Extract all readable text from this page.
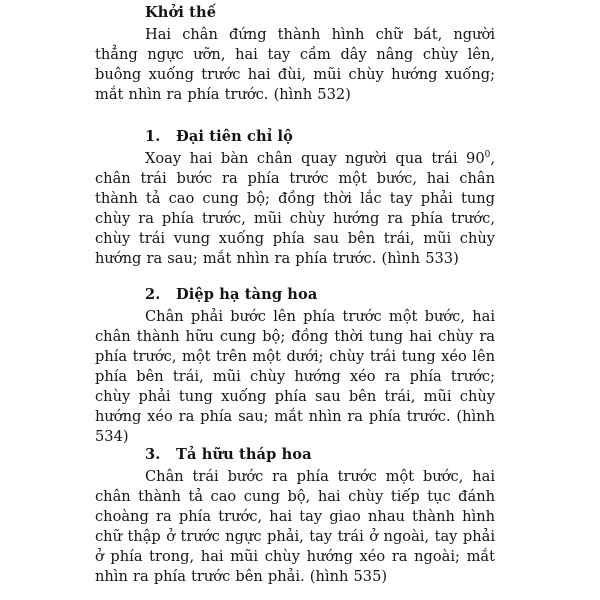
Khởi thế

Hai chân đứng thành hình chữ bát, người thẳng ngực ưỡn, hai tay cầm dây nâng chùy lên, buông xuống trước hai đùi, mũi chùy hướng xuống; mắt nhìn ra phía trước. (hình 532)

1. Đại tiên chỉ lộ

Xoay hai bàn chân quay người qua trái $90^0$, chân trái bước ra phía trước một bước, hai chân thành tả cao cung bộ; đồng thời lắc tay phải tung chùy ra phía trước, mũi chùy hướng ra phía trước, chùy trái vung xuống phía sau bên trái, mũi chùy hướng ra sau; mắt nhìn ra phía trước. (hình 533)

2. Diệp hạ tàng hoa

Chân phải bước lên phía trước một bước, hai chân thành hữu cung bộ; đồng thời tung hai chùy ra phía trước, một trên một dưới; chùy trái tung xéo lên phía bên trái, mũi chùy hướng xéo ra phía trước; chùy phải tung xuống phía sau bên trái, mũi chùy hướng xéo ra phía sau; mắt nhìn ra phía trước. (hình 534)

3. Tả hữu tháp hoa

Chân trái bước ra phía trước một bước, hai chân thành tả cao cung bộ, hai chùy tiếp tục đánh choàng ra phía trước, hai tay giao nhau thành hình chữ thập ở trước ngực phải, tay trái ở ngoài, tay phải ở phía trong, hai mũi chùy hướng xéo ra ngoài; mắt nhìn ra phía trước bên phải. (hình 535)
